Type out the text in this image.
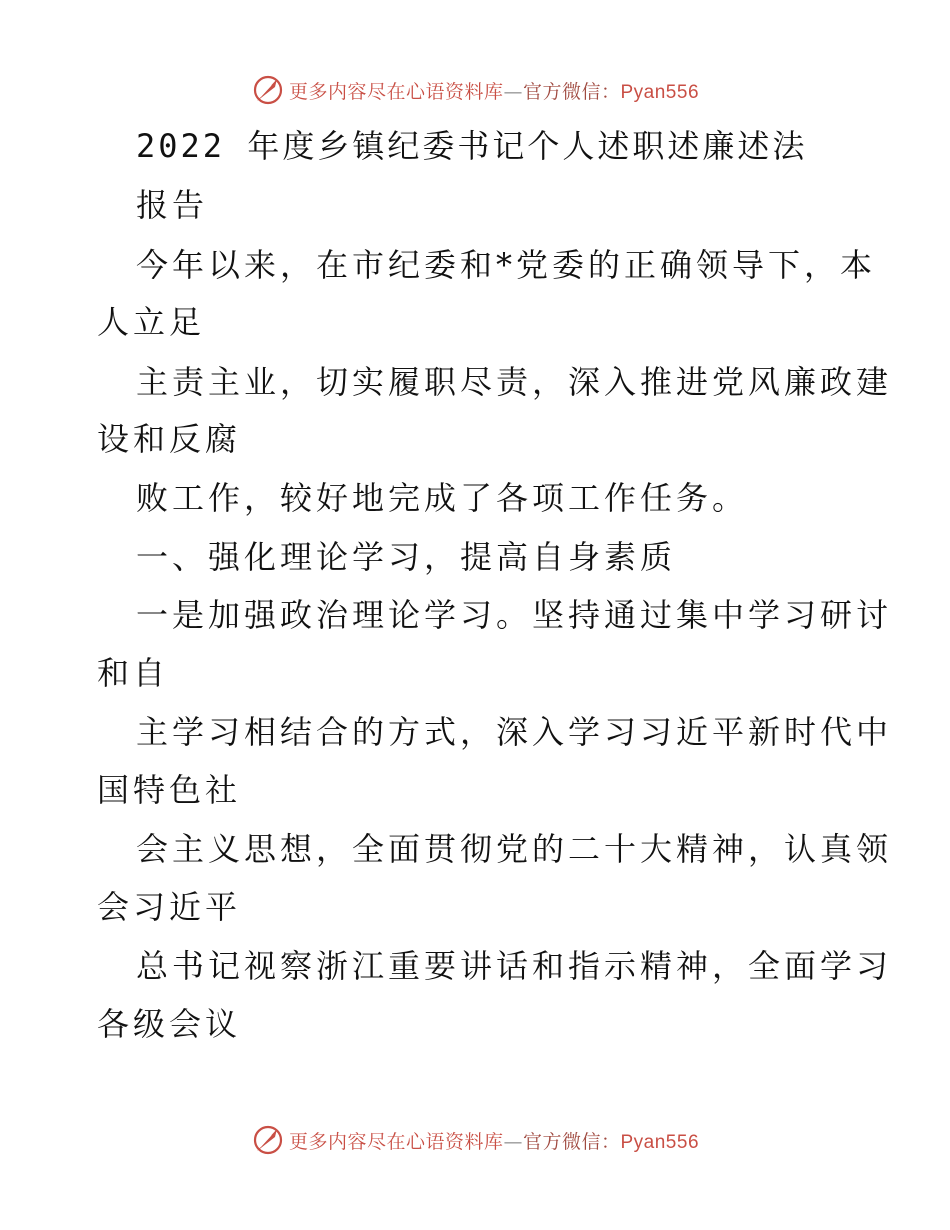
更多内容尽在心语资料库—官方微信：Pyan556
2022 年度乡镇纪委书记个人述职述廉述法
报告
今年以来，在市纪委和*党委的正确领导下，本
人立足
主责主业，切实履职尽责，深入推进党风廉政建
设和反腐
败工作，较好地完成了各项工作任务。
一、强化理论学习，提高自身素质
一是加强政治理论学习。坚持通过集中学习研讨
和自
主学习相结合的方式，深入学习习近平新时代中
国特色社
会主义思想，全面贯彻党的二十大精神，认真领
会习近平
总书记视察浙江重要讲话和指示精神，全面学习
各级会议
更多内容尽在心语资料库—官方微信：Pyan556
